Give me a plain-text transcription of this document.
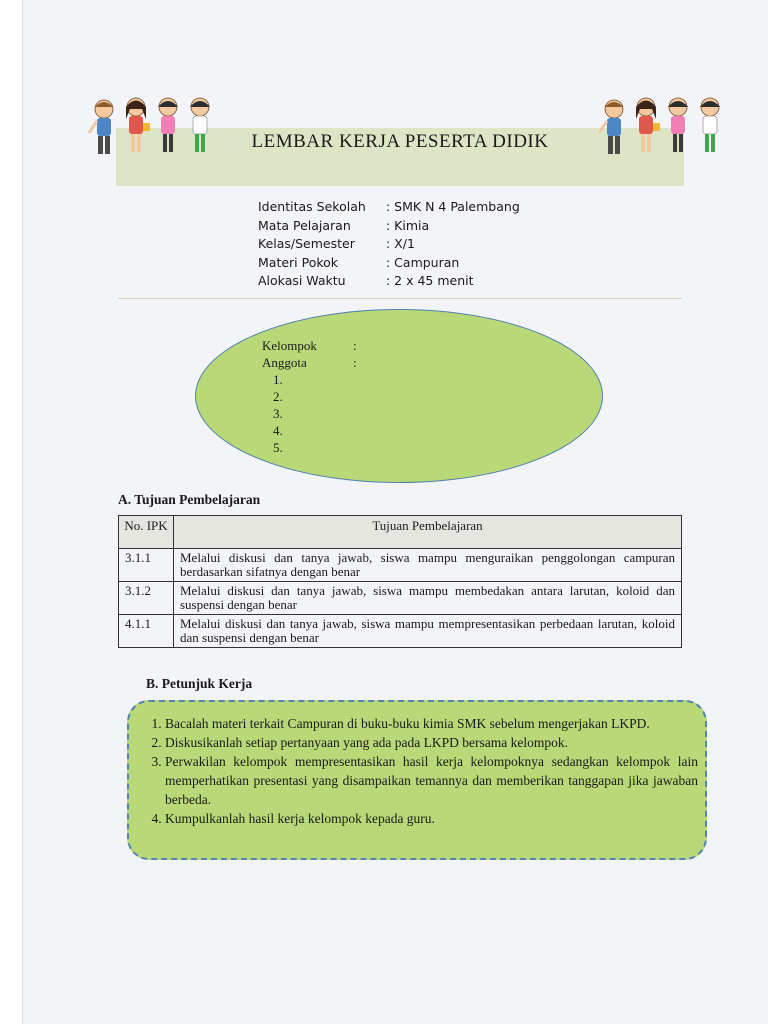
LEMBAR KERJA PESERTA DIDIK
Identitas Sekolah : SMK N 4 Palembang
Mata Pelajaran	: Kimia
Kelas/Semester : X/1
Materi Pokok	: Campuran
Alokasi Waktu	: 2 x 45 menit
Kelompok	:
Anggota	:
1.
2.
3.
4.
5.
A. Tujuan Pembelajaran
No. IPK	Tujuan Pembelajaran
3.1.1	Melalui diskusi dan tanya jawab, siswa mampu menguraikan penggolongan campuran berdasarkan sifatnya dengan benar
3.1.2	Melalui diskusi dan tanya jawab, siswa mampu membedakan antara larutan, koloid dan suspensi dengan benar
4.1.1	Melalui diskusi dan tanya jawab, siswa mampu mempresentasikan perbedaan larutan, koloid dan suspensi dengan benar
B. Petunjuk Kerja
1. Bacalah materi terkait Campuran di buku-buku kimia SMK sebelum mengerjakan LKPD.
2. Diskusikanlah setiap pertanyaan yang ada pada LKPD bersama kelompok.
3. Perwakilan kelompok mempresentasikan hasil kerja kelompoknya sedangkan kelompok lain memperhatikan presentasi yang disampaikan temannya dan memberikan tanggapan jika jawaban berbeda.
4. Kumpulkanlah hasil kerja kelompok kepada guru.
